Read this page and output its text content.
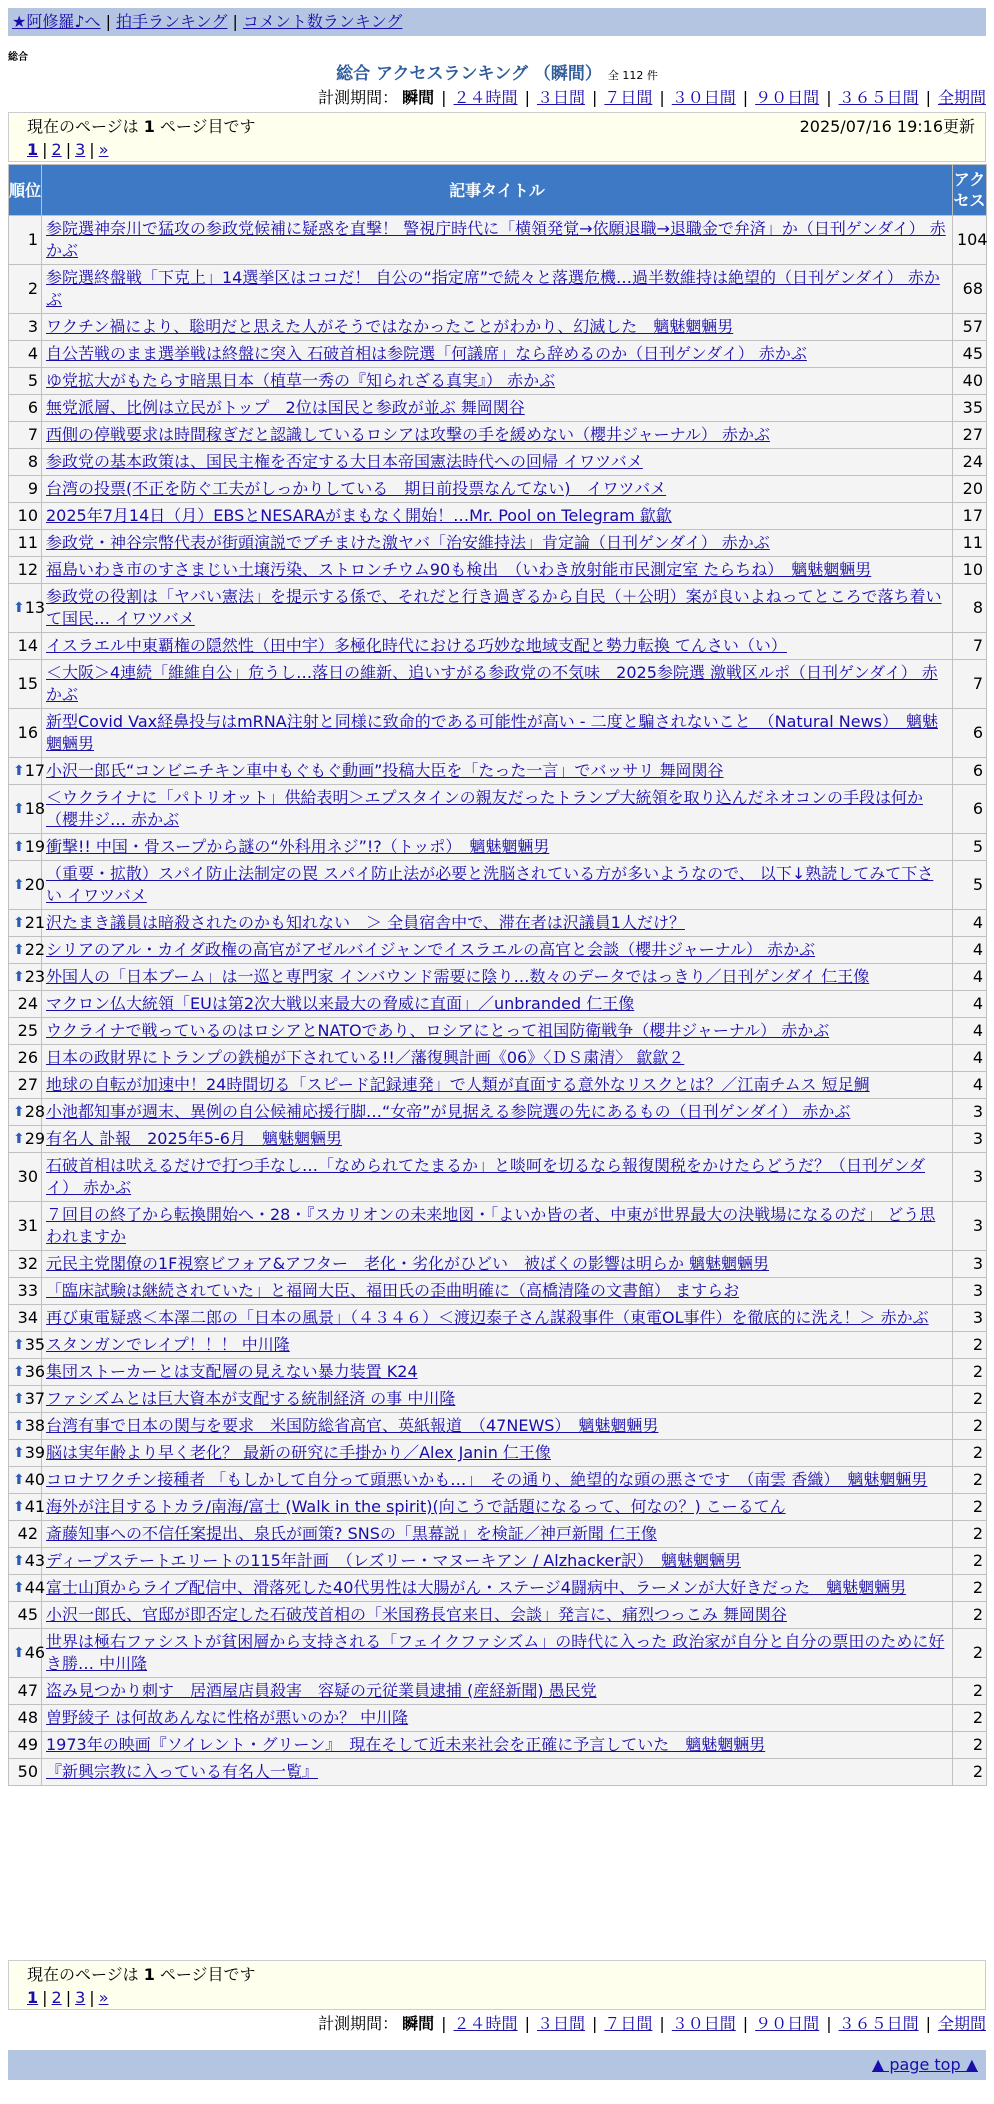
★阿修羅♪へ | 拍手ランキング | コメント数ランキング
総合
総合 アクセスランキング （瞬間） 全 112 件
計測期間： 瞬間 | ２４時間 | ３日間 | ７日間 | ３０日間 | ９０日間 | ３６５日間 | 全期間
現在のページは 1 ページ目です	2025/07/16 19:16更新
1 | 2 | 3 | »
順位	記事タイトル	アクセス
1	参院選神奈川で猛攻の参政党候補に疑惑を直撃！ 警視庁時代に「横領発覚→依願退職→退職金で弁済」か（日刊ゲンダイ） 赤かぶ	104
2	参院選終盤戦「下克上」14選挙区はココだ！ 自公の“指定席”で続々と落選危機…過半数維持は絶望的（日刊ゲンダイ） 赤かぶ	68
3	ワクチン禍により、聡明だと思えた人がそうではなかったことがわかり、幻滅した　魑魅魍魎男	57
4	自公苦戦のまま選挙戦は終盤に突入 石破首相は参院選「何議席」なら辞めるのか（日刊ゲンダイ） 赤かぶ	45
5	ゆ党拡大がもたらす暗黒日本（植草一秀の『知られざる真実』） 赤かぶ	40
6	無党派層、比例は立民がトップ　2位は国民と参政が並ぶ 舞岡関谷	35
7	西側の停戦要求は時間稼ぎだと認識しているロシアは攻撃の手を緩めない（櫻井ジャーナル） 赤かぶ	27
8	参政党の基本政策は、国民主権を否定する大日本帝国憲法時代への回帰 イワツバメ	24
9	台湾の投票(不正を防ぐ工夫がしっかりしている　期日前投票なんてない)　イワツバメ	20
10	2025年7月14日（月）EBSとNESARAがまもなく開始！…Mr. Pool on Telegram 歙歙	17
11	参政党・神谷宗幣代表が街頭演説でブチまけた激ヤバ「治安維持法」肯定論（日刊ゲンダイ） 赤かぶ	11
12	福島いわき市のすさまじい土壌汚染、ストロンチウム90も検出　（いわき放射能市民測定室 たらちね）　魑魅魍魎男	10

⬆ 13	参政党の役割は「ヤバい憲法」を提示する係で、それだと行き過ぎるから自民（＋公明）案が良いよねってところで落ち着いて国民… イワツバメ	8
14	イスラエル中東覇権の隠然性（田中宇）多極化時代における巧妙な地域支配と勢力転換 てんさい（い）	7
15	＜大阪＞4連続「維維自公」危うし…落日の維新、追いすがる参政党の不気味　2025参院選 激戦区ルポ（日刊ゲンダイ） 赤かぶ	7
16	新型Covid Vax経鼻投与はmRNA注射と同様に致命的である可能性が高い - 二度と騙されないこと　（Natural News）　魑魅魍魎男	6

⬆ 17	小沢一郎氏“コンビニチキン車中もぐもぐ動画”投稿大臣を「たった一言」でバッサリ 舞岡関谷	6

⬆ 18	＜ウクライナに「パトリオット」供給表明＞エプスタインの親友だったトランプ大統領を取り込んだネオコンの手段は何か（櫻井ジ… 赤かぶ	6

⬆ 19	衝撃!! 中国・骨スープから謎の“外科用ネジ”!?（トッポ）　魑魅魍魎男	5

⬆ 20	（重要・拡散）スパイ防止法制定の罠 スパイ防止法が必要と洗脳されている方が多いようなので、 以下↓熟読してみて下さい イワツバメ	5

⬆ 21	沢たまき議員は暗殺されたのかも知れない　＞ 全員宿舎中で、滞在者は沢議員1人だけ？	4

⬆ 22	シリアのアル・カイダ政権の高官がアゼルバイジャンでイスラエルの高官と会談（櫻井ジャーナル） 赤かぶ	4

⬆ 23	外国人の「日本ブーム」は一巡と専門家 インバウンド需要に陰り…数々のデータではっきり／日刊ゲンダイ 仁王像	4
24	マクロン仏大統領「EUは第2次大戦以来最大の脅威に直面」／unbranded 仁王像	4
25	ウクライナで戦っているのはロシアとNATOであり、ロシアにとって祖国防衛戦争（櫻井ジャーナル） 赤かぶ	4
26	日本の政財界にトランプの鉄槌が下されている!!／藩復興計画《06》〈ＤＳ粛清〉 歙歙２	4
27	地球の自転が加速中！24時間切る「スピード記録連発」で人類が直面する意外なリスクとは？／江南チムス 短足鯛	4

⬆ 28	小池都知事が週末、異例の自公候補応援行脚…“女帝”が見据える参院選の先にあるもの（日刊ゲンダイ） 赤かぶ	3

⬆ 29	有名人 訃報　2025年5-6月　魑魅魍魎男	3
30	石破首相は吠えるだけで打つ手なし…「なめられてたまるか」と啖呵を切るなら報復関税をかけたらどうだ？（日刊ゲンダイ） 赤かぶ	3
31	７回目の終了から転換開始へ・28・『スカリオンの未来地図・「よいか皆の者、中東が世界最大の決戦場になるのだ」 どう思われますか	3
32	元民主党閣僚の1F視察ビフォア&アフター　老化・劣化がひどい　被ばくの影響は明らか 魑魅魍魎男	3
33	「臨床試験は継続されていた」と福岡大臣、福田氏の歪曲明確に（高橋清隆の文書館） ますらお	3
34	再び東電疑惑＜本澤二郎の「日本の風景」（４３４６）＜渡辺泰子さん謀殺事件（東電OL事件）を徹底的に洗え！＞ 赤かぶ	3

⬆ 35	スタンガンでレイプ！！！ 中川隆	2

⬆ 36	集団ストーカーとは支配層の見えない暴力装置 K24	2

⬆ 37	ファシズムとは巨大資本が支配する統制経済 の事 中川隆	2

⬆ 38	台湾有事で日本の関与を要求　米国防総省高官、英紙報道　（47NEWS）　魑魅魍魎男	2

⬆ 39	脳は実年齢より早く老化？ 最新の研究に手掛かり／Alex Janin 仁王像	2

⬆ 40	コロナワクチン接種者 「もしかして自分って頭悪いかも…」　その通り、絶望的な頭の悪さです　（南雲 香織）　魑魅魍魎男	2

⬆ 41	海外が注目するトカラ/南海/富士 (Walk in the spirit)(向こうで話題になるって、何なの？) こーるてん	2
42	斎藤知事への不信任案提出、泉氏が画策? SNSの「黒幕説」を検証／神戸新聞 仁王像	2

⬆ 43	ディープステートエリートの115年計画　（レズリー・マヌーキアン / Alzhacker訳）　魑魅魍魎男	2

⬆ 44	富士山頂からライブ配信中、滑落死した40代男性は大腸がん・ステージ4闘病中、ラーメンが大好きだった　魑魅魍魎男	2
45	小沢一郎氏、官邸が即否定した石破茂首相の「米国務長官来日、会談」発言に、痛烈つっこみ 舞岡関谷	2

⬆ 46	世界は極右ファシストが貧困層から支持される「フェイクファシズム」の時代に入った 政治家が自分と自分の票田のために好き勝… 中川隆	2
47	盗み見つかり刺す　居酒屋店員殺害　容疑の元従業員逮捕 (産経新聞) 愚民党	2
48	曽野綾子 は何故あんなに性格が悪いのか？ 中川隆	2
49	1973年の映画『ソイレント・グリーン』　現在そして近未来社会を正確に予言していた　魑魅魍魎男	2
50	『新興宗教に入っている有名人一覧』	2
現在のページは 1 ページ目です
1 | 2 | 3 | »
計測期間： 瞬間 | ２４時間 | ３日間 | ７日間 | ３０日間 | ９０日間 | ３６５日間 | 全期間
▲ page top ▲
